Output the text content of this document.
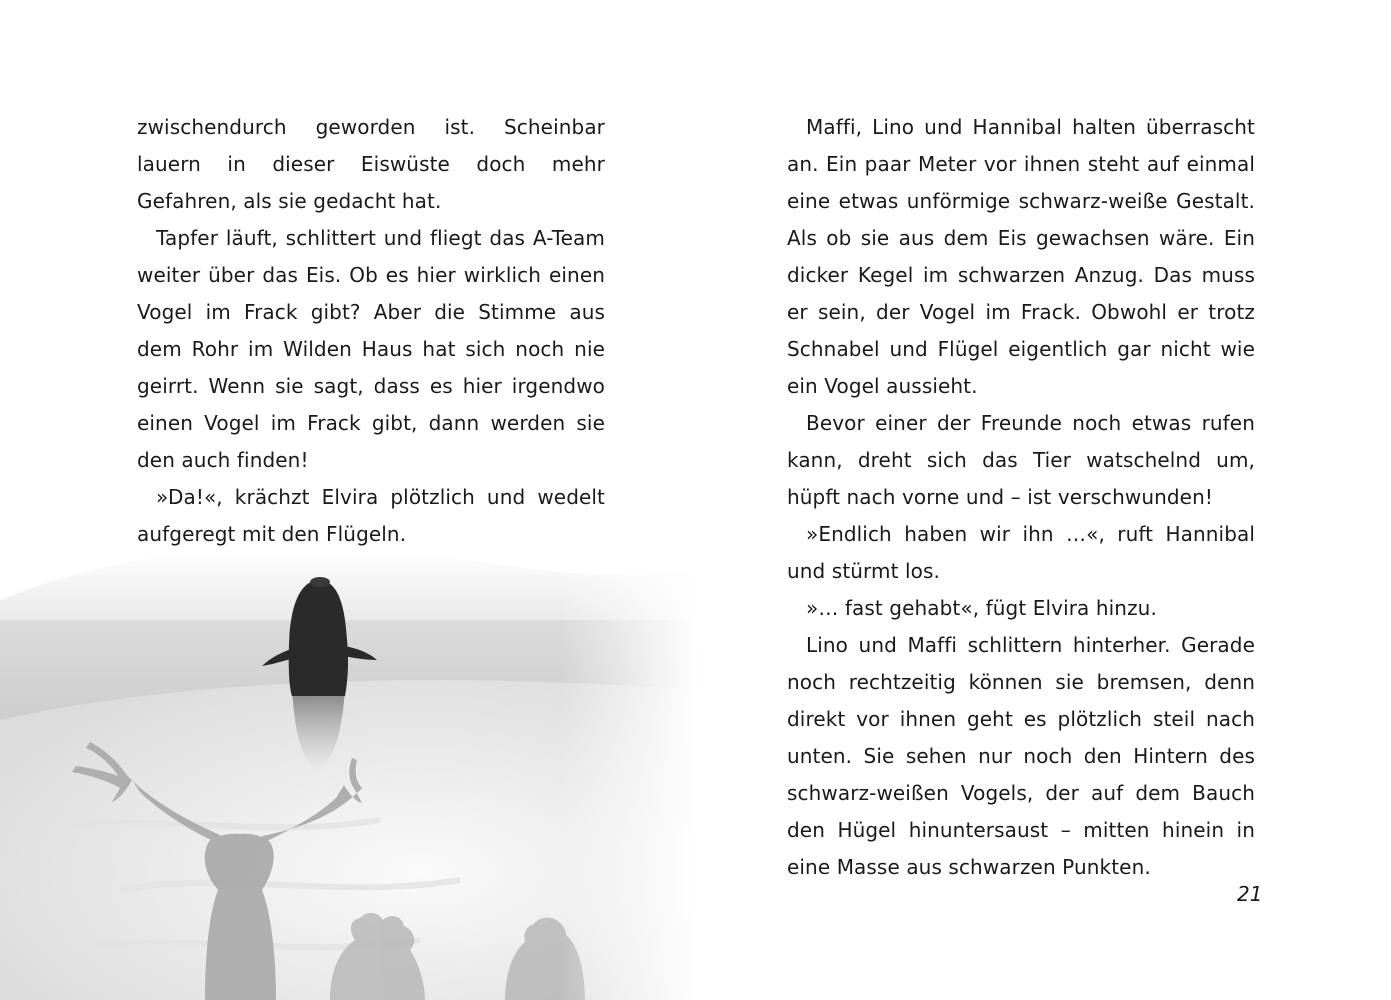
zwischendurch geworden ist. Scheinbar lauern in dieser Eiswüste doch mehr Gefahren, als sie gedacht hat.

Tapfer läuft, schlittert und fliegt das A-Team weiter über das Eis. Ob es hier wirklich einen Vogel im Frack gibt? Aber die Stimme aus dem Rohr im Wilden Haus hat sich noch nie geirrt. Wenn sie sagt, dass es hier irgendwo einen Vogel im Frack gibt, dann werden sie den auch finden!

»Da!«, krächzt Elvira plötzlich und wedelt

Maffi, Lino und Hannibal halten überrascht an. Ein paar Meter vor ihnen steht auf einmal eine etwas unförmige schwarz-weiße Gestalt. Als ob sie aus dem Eis gewachsen wäre. Ein dicker Kegel im schwarzen Anzug. Das muss er sein, der Vogel im Frack. Obwohl er trotz Schnabel und Flügel eigentlich gar nicht wie ein Vogel aussieht.

Bevor einer der Freunde noch etwas rufen kann, dreht sich das Tier watschelnd um, hüpft nach vorne und – ist verschwunden!

»Endlich haben wir ihn …«, ruft Hannibal und stürmt los.

»… fast gehabt«, fügt Elvira hinzu.

Lino und Maffi schlittern hinterher. Gerade noch rechtzeitig können sie bremsen, denn direkt vor ihnen geht es plötzlich steil nach unten. Sie sehen nur noch den Hintern des schwarz-weißen Vogels, der auf dem Bauch den Hügel hinuntersaust – mitten hinein in eine Masse aus schwarzen Punkten.

21
